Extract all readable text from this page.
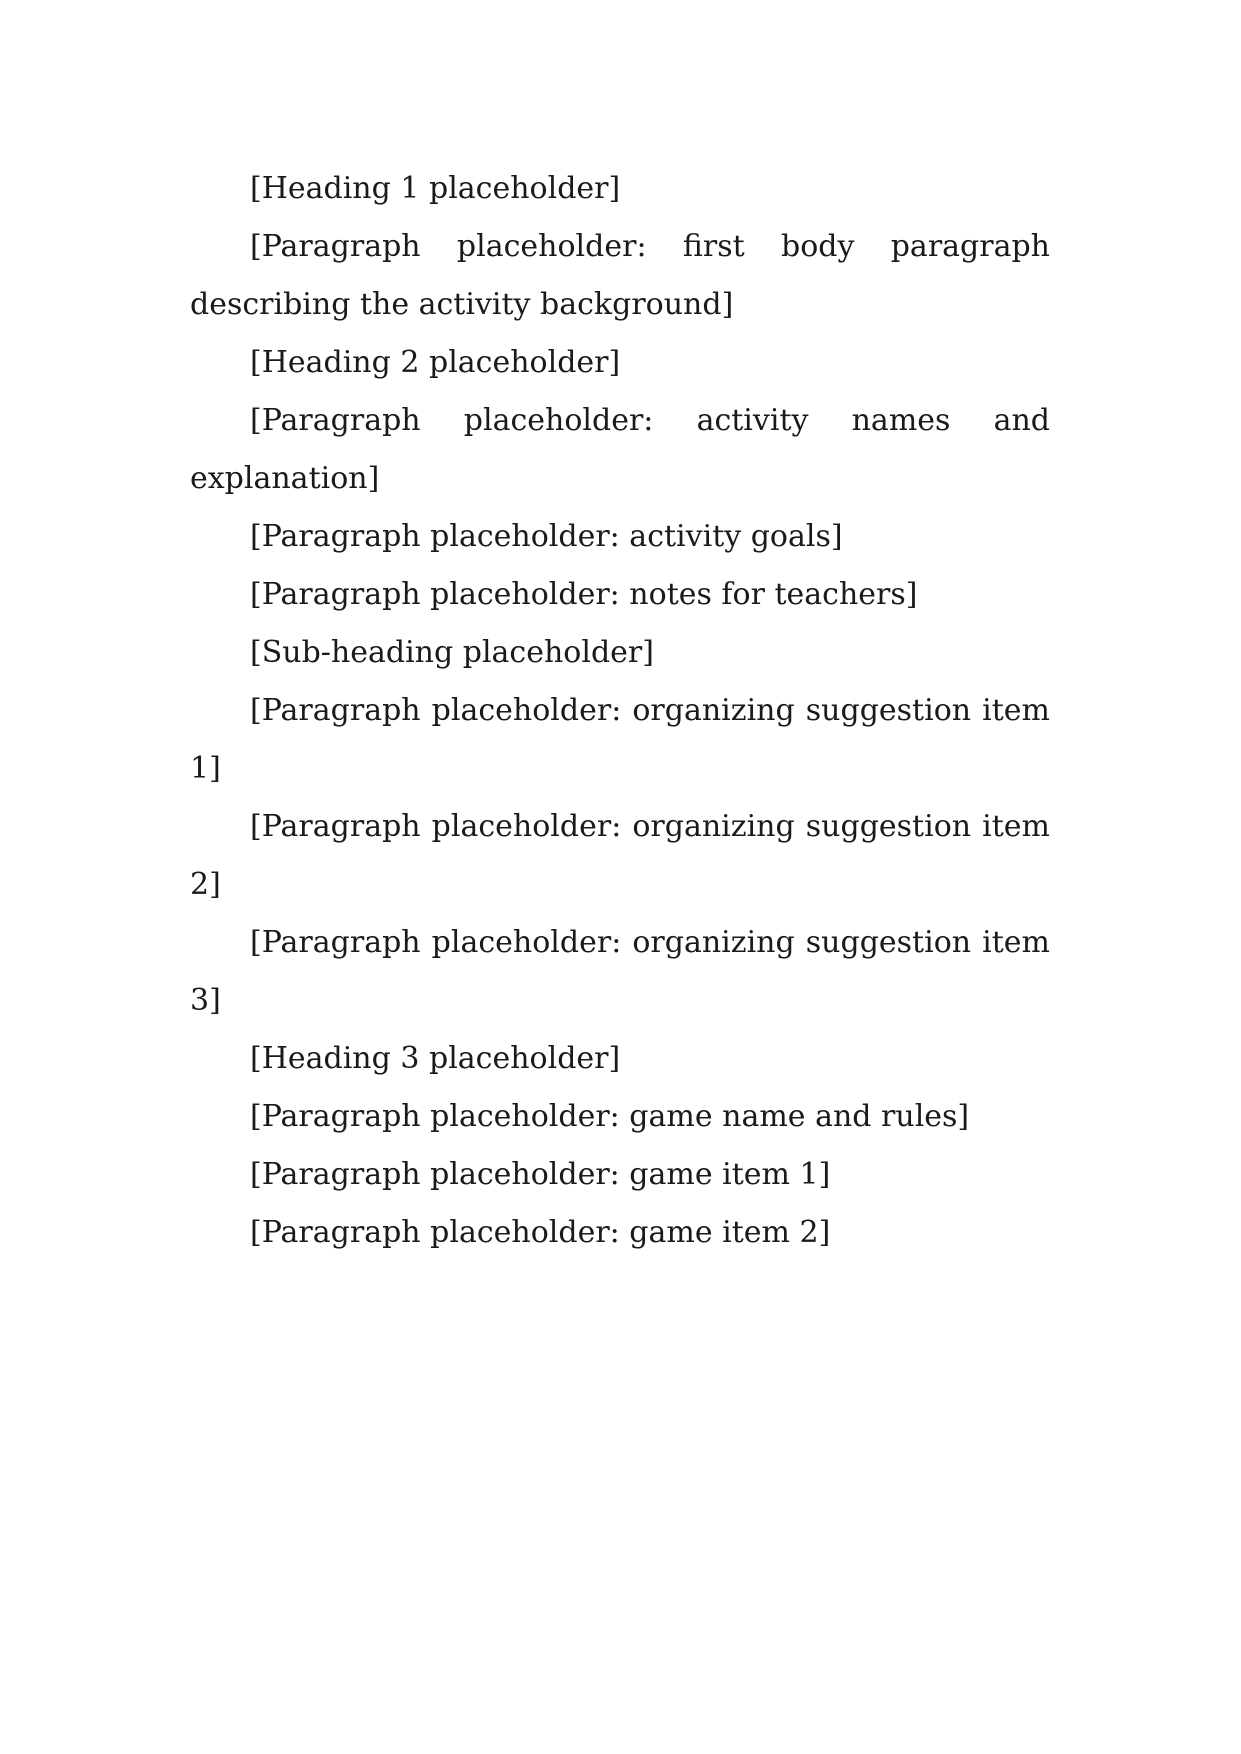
[Heading 1 placeholder]

[Paragraph placeholder: first body paragraph describing the activity background]

[Heading 2 placeholder]

[Paragraph placeholder: activity names and explanation]

[Paragraph placeholder: activity goals]

[Paragraph placeholder: notes for teachers]

[Sub-heading placeholder]

[Paragraph placeholder: organizing suggestion item 1]

[Paragraph placeholder: organizing suggestion item 2]

[Paragraph placeholder: organizing suggestion item 3]

[Heading 3 placeholder]

[Paragraph placeholder: game name and rules]

[Paragraph placeholder: game item 1]

[Paragraph placeholder: game item 2]
